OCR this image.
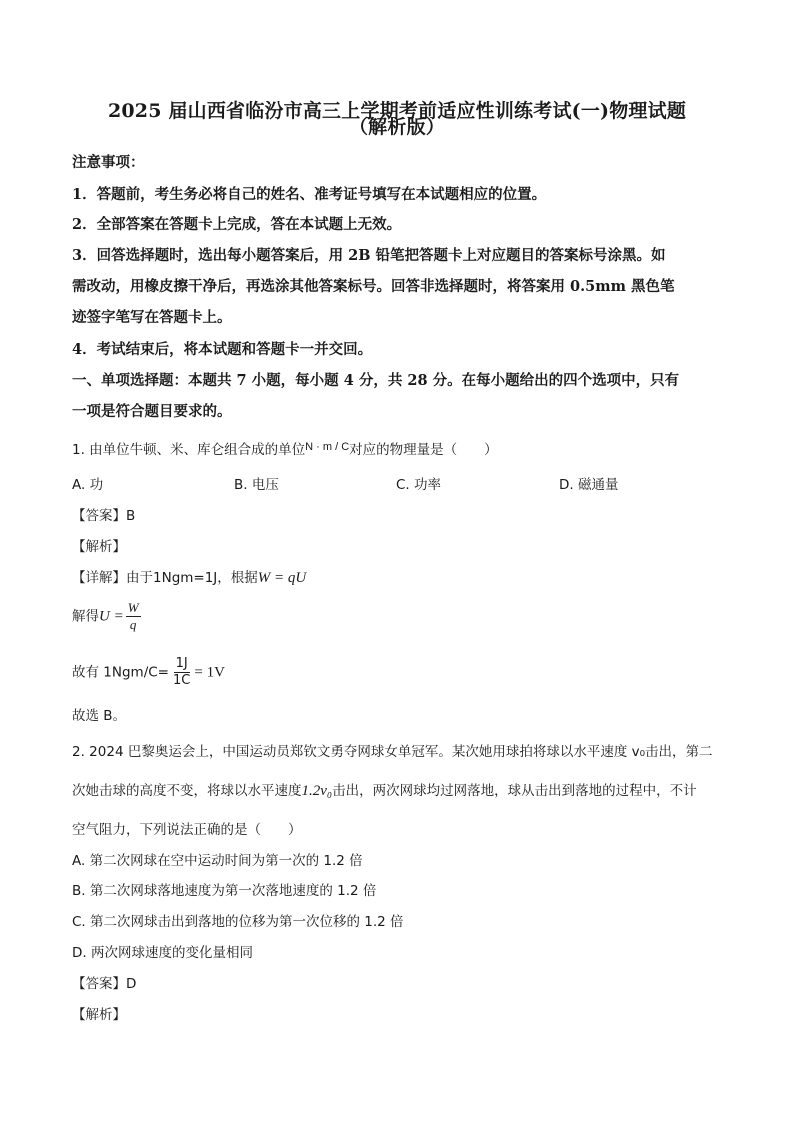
2025 届山西省临汾市高三上学期考前适应性训练考试(一)物理试题
（解析版）
注意事项：
1．答题前，考生务必将自己的姓名、准考证号填写在本试题相应的位置。
2．全部答案在答题卡上完成，答在本试题上无效。
3．回答选择题时，选出每小题答案后，用 2B 铅笔把答题卡上对应题目的答案标号涂黑。如
需改动，用橡皮擦干净后，再选涂其他答案标号。回答非选择题时，将答案用 0.5mm 黑色笔
迹签字笔写在答题卡上。
4．考试结束后，将本试题和答题卡一并交回。
一、单项选择题：本题共 7 小题，每小题 4 分，共 28 分。在每小题给出的四个选项中，只有
一项是符合题目要求的。
1. 由单位牛顿、米、库仑组合成的单位$^{N \cdot m / C}$对应的物理量是（　　）
A. 功	B. 电压	C. 功率	D. 磁通量
【答案】B
【解析】
【详解】由于1Ngm=1J，根据W = qU
解得$U = \frac{W}{q}$
故有 $1Ngm/C= \frac{1J}{1C} = 1V$
故选 B。
2. 2024 巴黎奥运会上，中国运动员郑钦文勇夺网球女单冠军。某次她用球拍将球以水平速度 v₀击出，第二
次她击球的高度不变，将球以水平速度1.2v₀击出，两次网球均过网落地，球从击出到落地的过程中，不计
空气阻力，下列说法正确的是（　　）
A. 第二次网球在空中运动时间为第一次的 1.2 倍
B. 第二次网球落地速度为第一次落地速度的 1.2 倍
C. 第二次网球击出到落地的位移为第一次位移的 1.2 倍
D. 两次网球速度的变化量相同
【答案】D
【解析】
